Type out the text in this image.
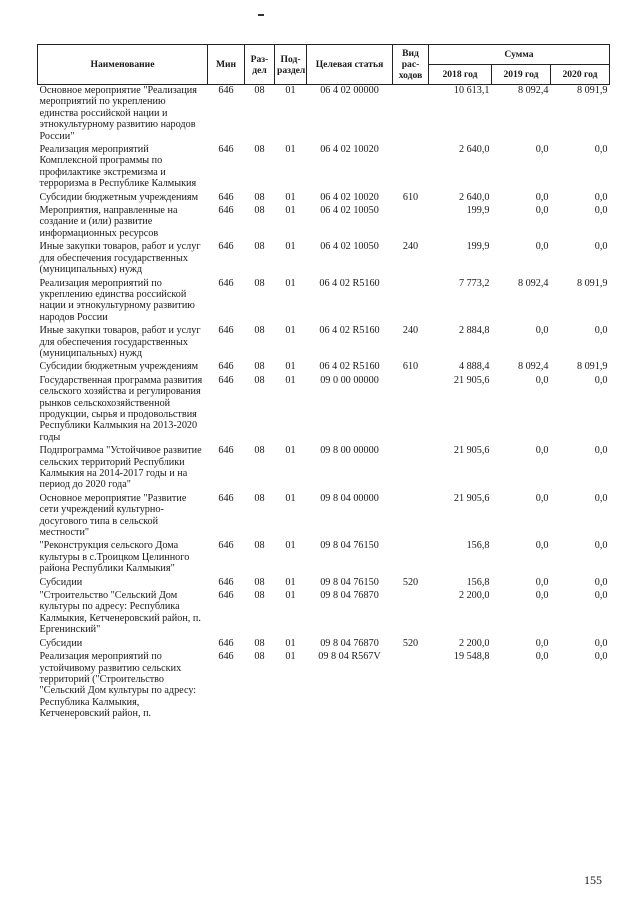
Наименование	Мин	Раз-дел	Под-раздел	Целевая статья	Вид рас-ходов	Сумма		
						2018 год	2019 год	2020 год
Основное мероприятие "Реализация мероприятий по укреплению единства российской нации и этнокультурному развитию народов России"	646	08	01	06 4 02 00000		10 613,1	8 092,4	8 091,9
Реализация мероприятий Комплексной программы по профилактике экстремизма и терроризма в Республике Калмыкия	646	08	01	06 4 02 10020		2 640,0	0,0	0,0
Субсидии бюджетным учреждениям	646	08	01	06 4 02 10020	610	2 640,0	0,0	0,0
Мероприятия, направленные на создание и (или) развитие информационных ресурсов	646	08	01	06 4 02 10050		199,9	0,0	0,0
Иные закупки товаров, работ и услуг для обеспечения государственных (муниципальных) нужд	646	08	01	06 4 02 10050	240	199,9	0,0	0,0
Реализация мероприятий по укреплению единства российской нации и этнокультурному развитию народов России	646	08	01	06 4 02 R5160		7 773,2	8 092,4	8 091,9
Иные закупки товаров, работ и услуг для обеспечения государственных (муниципальных) нужд	646	08	01	06 4 02 R5160	240	2 884,8	0,0	0,0
Субсидии бюджетным учреждениям	646	08	01	06 4 02 R5160	610	4 888,4	8 092,4	8 091,9
Государственная программа развития сельского хозяйства и регулирования рынков сельскохозяйственной продукции, сырья и продовольствия Республики Калмыкия на 2013-2020 годы	646	08	01	09 0 00 00000		21 905,6	0,0	0,0
Подпрограмма "Устойчивое развитие сельских территорий Республики Калмыкия на 2014-2017 годы и на период до 2020 года"	646	08	01	09 8 00 00000		21 905,6	0,0	0,0
Основное мероприятие "Развитие сети учреждений культурно-досугового типа в сельской местности"	646	08	01	09 8 04 00000		21 905,6	0,0	0,0
"Реконструкция сельского Дома культуры в с.Троицком Целинного района Республики Калмыкия"	646	08	01	09 8 04 76150		156,8	0,0	0,0
Субсидии	646	08	01	09 8 04 76150	520	156,8	0,0	0,0
"Строительство "Сельский Дом культуры по адресу: Республика Калмыкия, Кетченеровский район, п. Ергенинский"	646	08	01	09 8 04 76870		2 200,0	0,0	0,0
Субсидии	646	08	01	09 8 04 76870	520	2 200,0	0,0	0,0
Реализация мероприятий по устойчивому развитию сельских территорий ("Строительство "Сельский Дом культуры по адресу: Республика Калмыкия, Кетченеровский район, п.	646	08	01	09 8 04 R567V		19 548,8	0,0	0,0
155
